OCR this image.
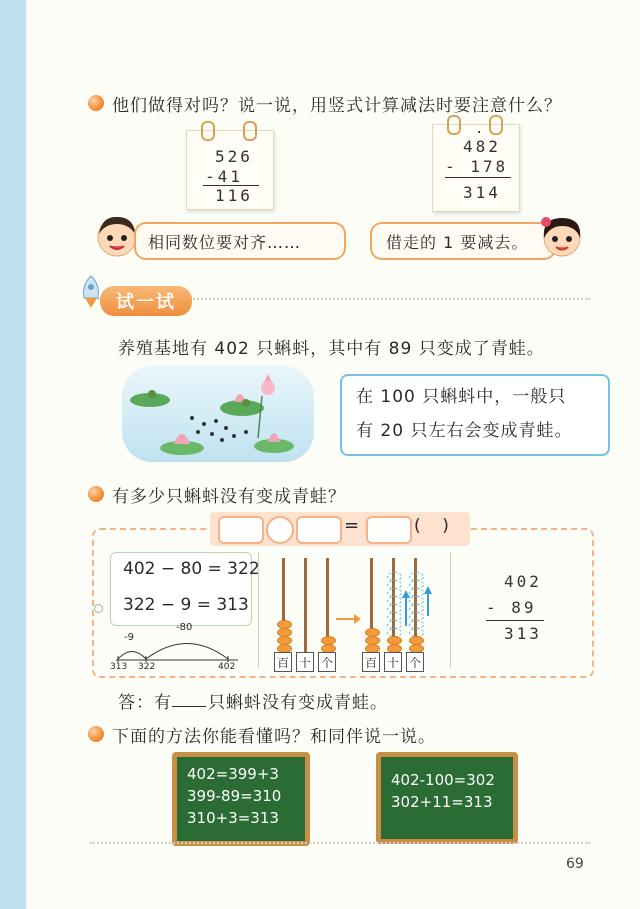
他们做得对吗？说一说，用竖式计算减法时要注意什么？
526
-41
116
·
482
- 178
314
相同数位要对齐……	借走的 1 要减去。
试一试
养殖基地有 402 只蝌蚪，其中有 89 只变成了青蛙。
在 100 只蝌蚪中，一般只
有 20 只左右会变成青蛙。
有多少只蝌蚪没有变成青蛙？
=	(    )
402 − 80 = 322
322 − 9 = 313
-9
-80
313 322	402	百 十 个	百 十 个
402
- 89
313
答：有 只蝌蚪没有变成青蛙。
下面的方法你能看懂吗？和同伴说一说。
402=399+3
399-89=310
310+3=313
402-100=302
302+11=313
69
